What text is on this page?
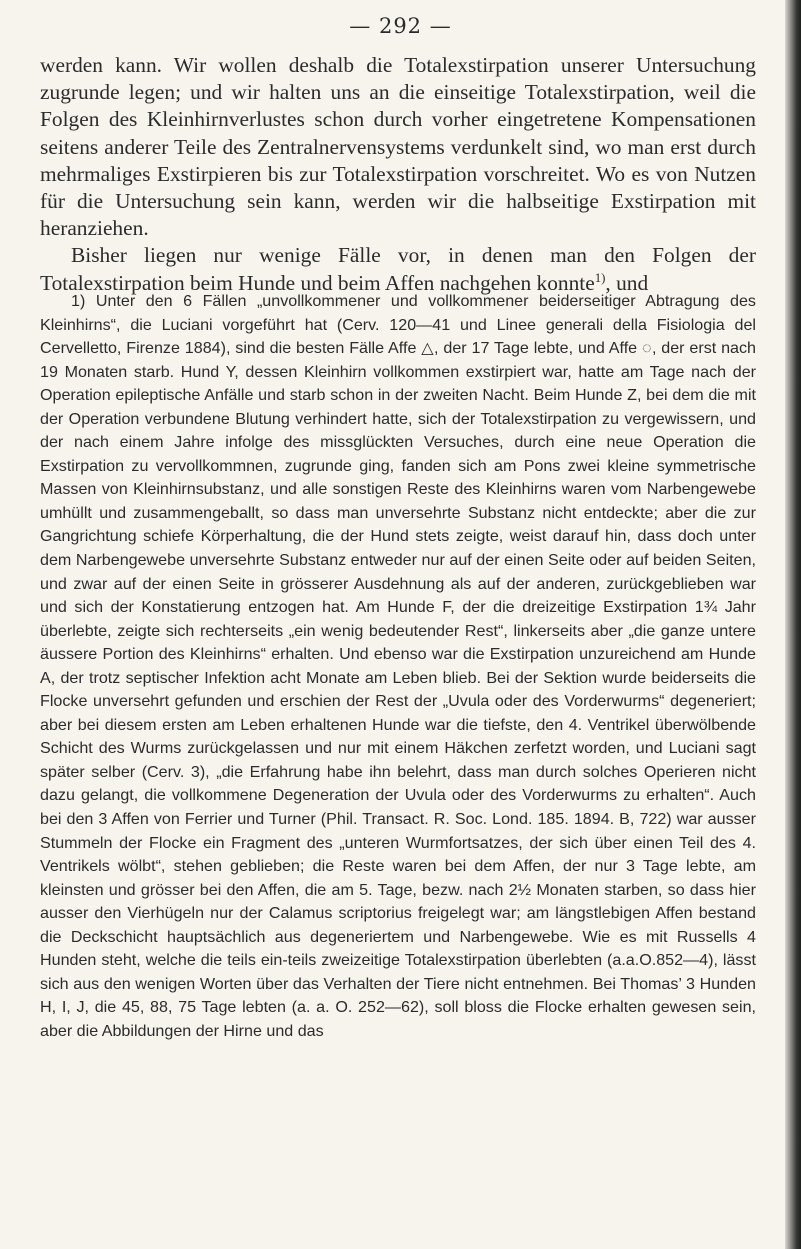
— 292 —

werden kann. Wir wollen deshalb die Totalexstirpation unserer Untersuchung zugrunde legen; und wir halten uns an die einseitige Totalexstirpation, weil die Folgen des Kleinhirnverlustes schon durch vorher eingetretene Kompensationen seitens anderer Teile des Zentralnervensystems verdunkelt sind, wo man erst durch mehrmaliges Exstirpieren bis zur Totalexstirpation vorschreitet. Wo es von Nutzen für die Untersuchung sein kann, werden wir die halbseitige Exstirpation mit heranziehen.

Bisher liegen nur wenige Fälle vor, in denen man den Folgen der Totalexstirpation beim Hunde und beim Affen nachgehen konnte$^{1)}$, und

1) Unter den 6 Fällen „unvollkommener und vollkommener beiderseitiger Abtragung des Kleinhirns“, die Luciani vorgeführt hat (Cerv. 120—41 und Linee generali della Fisiologia del Cervelletto, Firenze 1884), sind die besten Fälle Affe △, der 17 Tage lebte, und Affe ◌, der erst nach 19 Monaten starb. Hund Y, dessen Kleinhirn vollkommen exstirpiert war, hatte am Tage nach der Operation epileptische Anfälle und starb schon in der zweiten Nacht. Beim Hunde Z, bei dem die mit der Operation verbundene Blutung verhindert hatte, sich der Totalexstirpation zu vergewissern, und der nach einem Jahre infolge des missglückten Versuches, durch eine neue Operation die Exstirpation zu vervollkommnen, zugrunde ging, fanden sich am Pons zwei kleine symmetrische Massen von Kleinhirnsubstanz, und alle sonstigen Reste des Kleinhirns waren vom Narbengewebe umhüllt und zusammengeballt, so dass man unversehrte Substanz nicht entdeckte; aber die zur Gangrichtung schiefe Körperhaltung, die der Hund stets zeigte, weist darauf hin, dass doch unter dem Narbengewebe unversehrte Substanz entweder nur auf der einen Seite oder auf beiden Seiten, und zwar auf der einen Seite in grösserer Ausdehnung als auf der anderen, zurückgeblieben war und sich der Konstatierung entzogen hat. Am Hunde F, der die dreizeitige Exstirpation 1¾ Jahr überlebte, zeigte sich rechterseits „ein wenig bedeutender Rest“, linkerseits aber „die ganze untere äussere Portion des Kleinhirns“ erhalten. Und ebenso war die Exstirpation unzureichend am Hunde A, der trotz septischer Infektion acht Monate am Leben blieb. Bei der Sektion wurde beiderseits die Flocke unversehrt gefunden und erschien der Rest der „Uvula oder des Vorderwurms“ degeneriert; aber bei diesem ersten am Leben erhaltenen Hunde war die tiefste, den 4. Ventrikel überwölbende Schicht des Wurms zurückgelassen und nur mit einem Häkchen zerfetzt worden, und Luciani sagt später selber (Cerv. 3), „die Erfahrung habe ihn belehrt, dass man durch solches Operieren nicht dazu gelangt, die vollkommene Degeneration der Uvula oder des Vorderwurms zu erhalten“. Auch bei den 3 Affen von Ferrier und Turner (Phil. Transact. R. Soc. Lond. 185. 1894. B, 722) war ausser Stummeln der Flocke ein Fragment des „unteren Wurmfortsatzes, der sich über einen Teil des 4. Ventrikels wölbt“, stehen geblieben; die Reste waren bei dem Affen, der nur 3 Tage lebte, am kleinsten und grösser bei den Affen, die am 5. Tage, bezw. nach 2½ Monaten starben, so dass hier ausser den Vierhügeln nur der Calamus scriptorius freigelegt war; am längstlebigen Affen bestand die Deckschicht hauptsächlich aus degeneriertem und Narbengewebe. Wie es mit Russells 4 Hunden steht, welche die teils ein-teils zweizeitige Totalexstirpation überlebten (a.a.O.852—4), lässt sich aus den wenigen Worten über das Verhalten der Tiere nicht entnehmen. Bei Thomas’ 3 Hunden H, I, J, die 45, 88, 75 Tage lebten (a. a. O. 252—62), soll bloss die Flocke erhalten gewesen sein, aber die Abbildungen der Hirne und das
